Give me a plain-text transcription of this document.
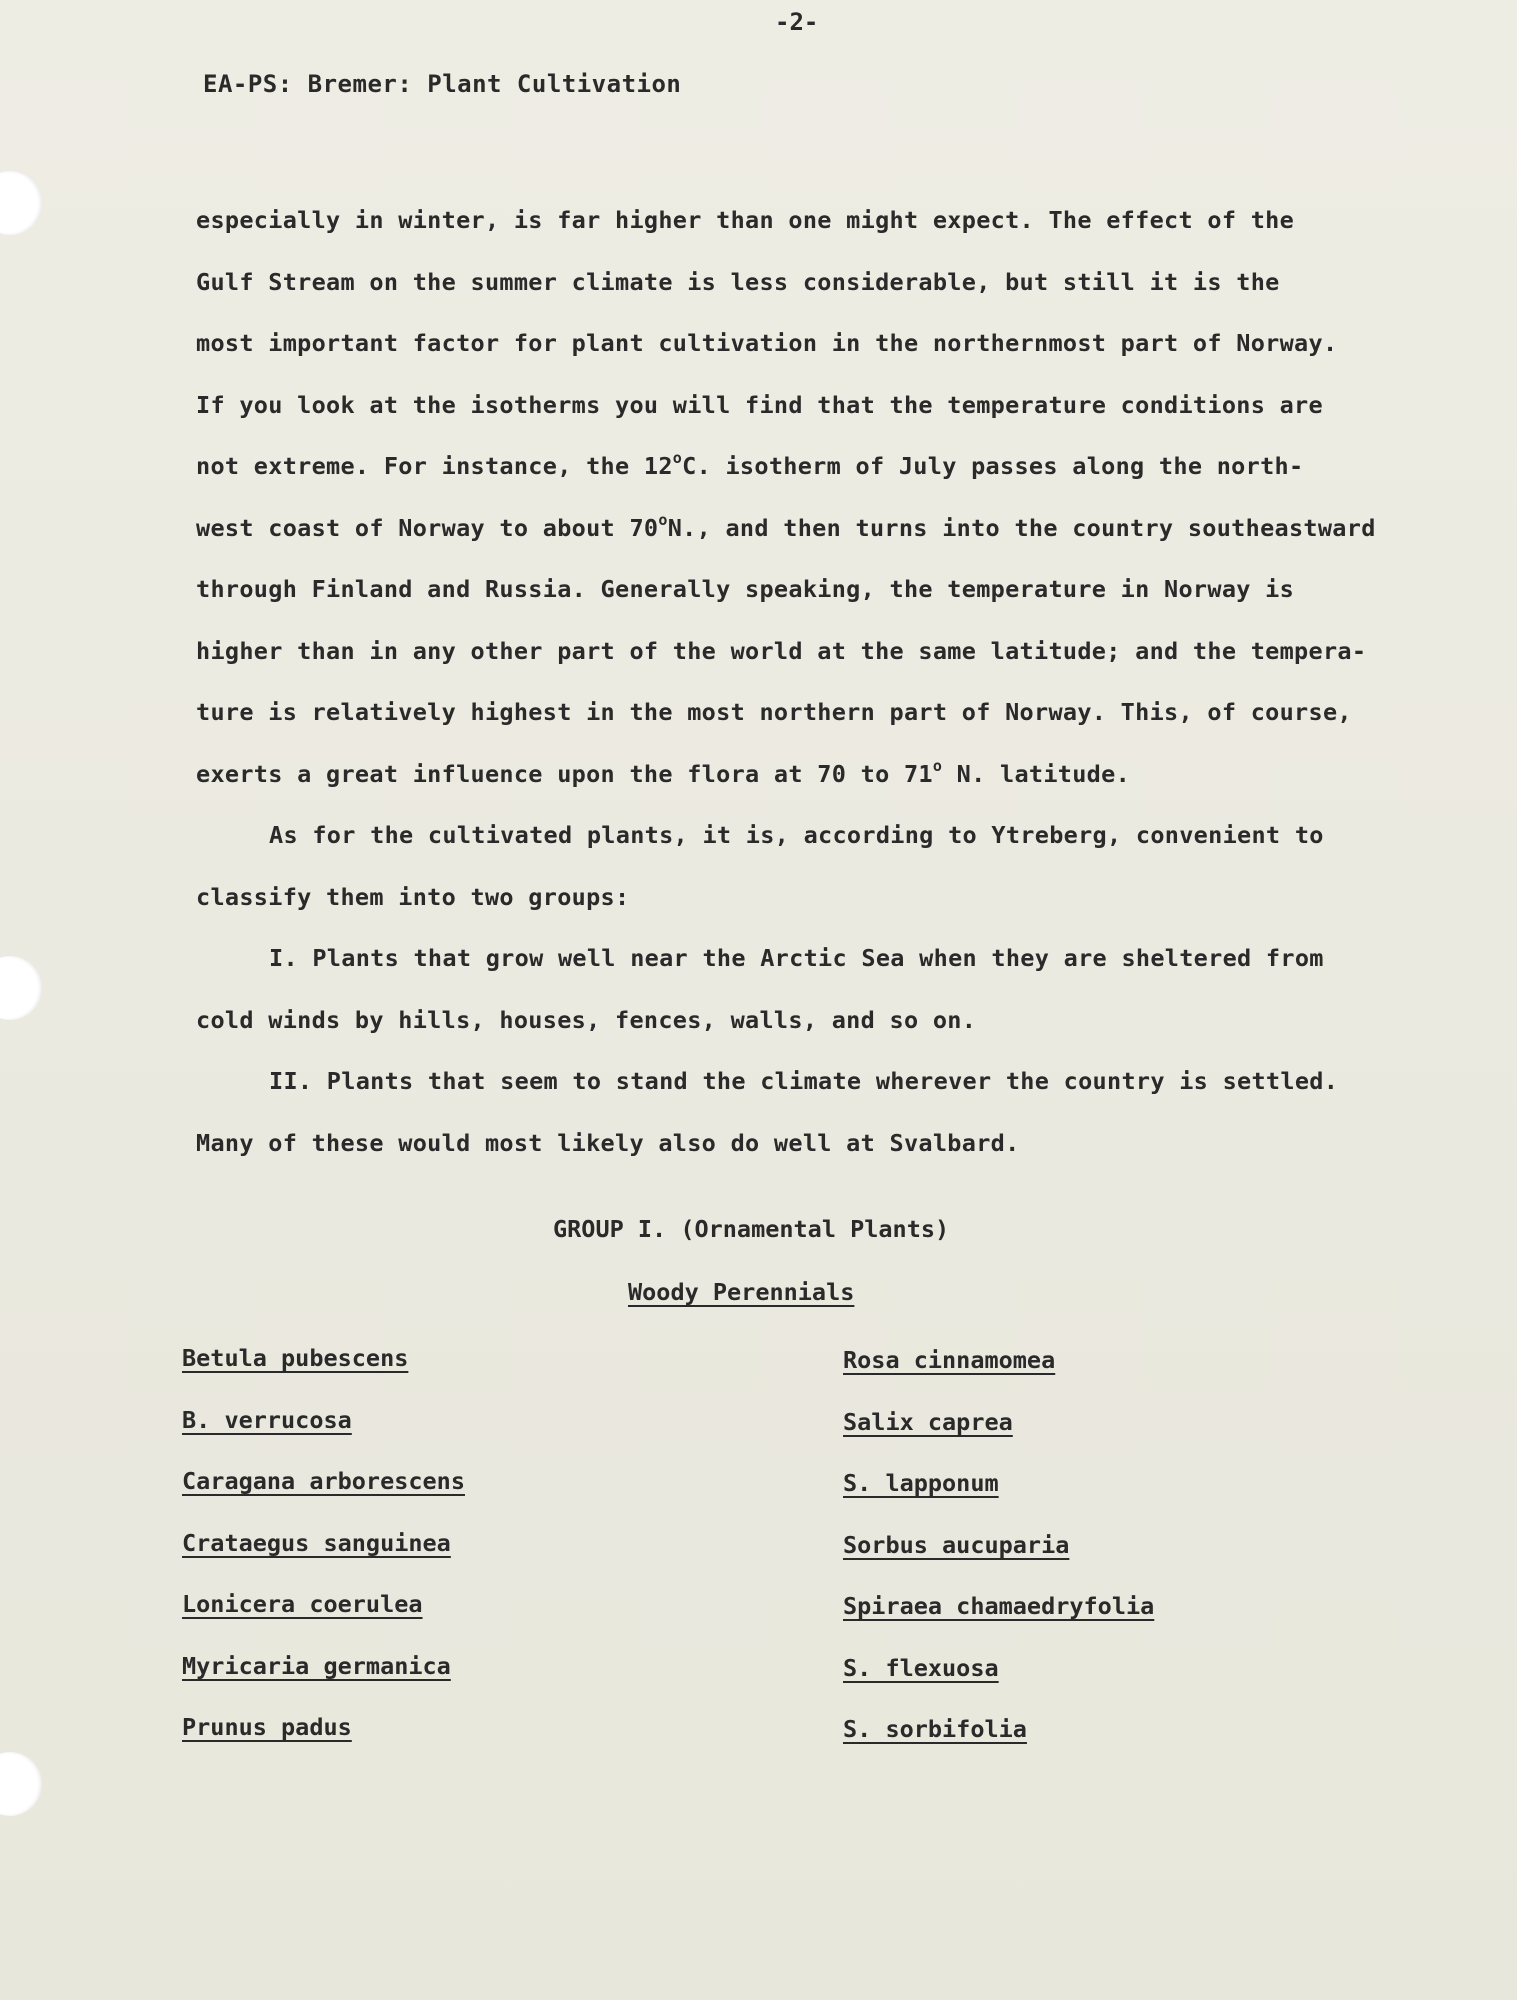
-2-
EA-PS: Bremer: Plant Cultivation
especially in winter, is far higher than one might expect. The effect of the
Gulf Stream on the summer climate is less considerable, but still it is the
most important factor for plant cultivation in the northernmost part of Norway.
If you look at the isotherms you will find that the temperature conditions are
not extreme. For instance, the 12$^o$C. isotherm of July passes along the north-
west coast of Norway to about 70$^o$N., and then turns into the country southeastward
through Finland and Russia. Generally speaking, the temperature in Norway is
higher than in any other part of the world at the same latitude; and the tempera-
ture is relatively highest in the most northern part of Norway. This, of course,
exerts a great influence upon the flora at 70 to 71$^o$ N. latitude.
As for the cultivated plants, it is, according to Ytreberg, convenient to
classify them into two groups:
I. Plants that grow well near the Arctic Sea when they are sheltered from
cold winds by hills, houses, fences, walls, and so on.
II. Plants that seem to stand the climate wherever the country is settled.
Many of these would most likely also do well at Svalbard.
GROUP I. (Ornamental Plants)
Woody Perennials
Betula pubescens
B. verrucosa
Caragana arborescens
Crataegus sanguinea
Lonicera coerulea
Myricaria germanica
Prunus padus
Rosa cinnamomea
Salix caprea
S. lapponum
Sorbus aucuparia
Spiraea chamaedryfolia
S. flexuosa
S. sorbifolia
